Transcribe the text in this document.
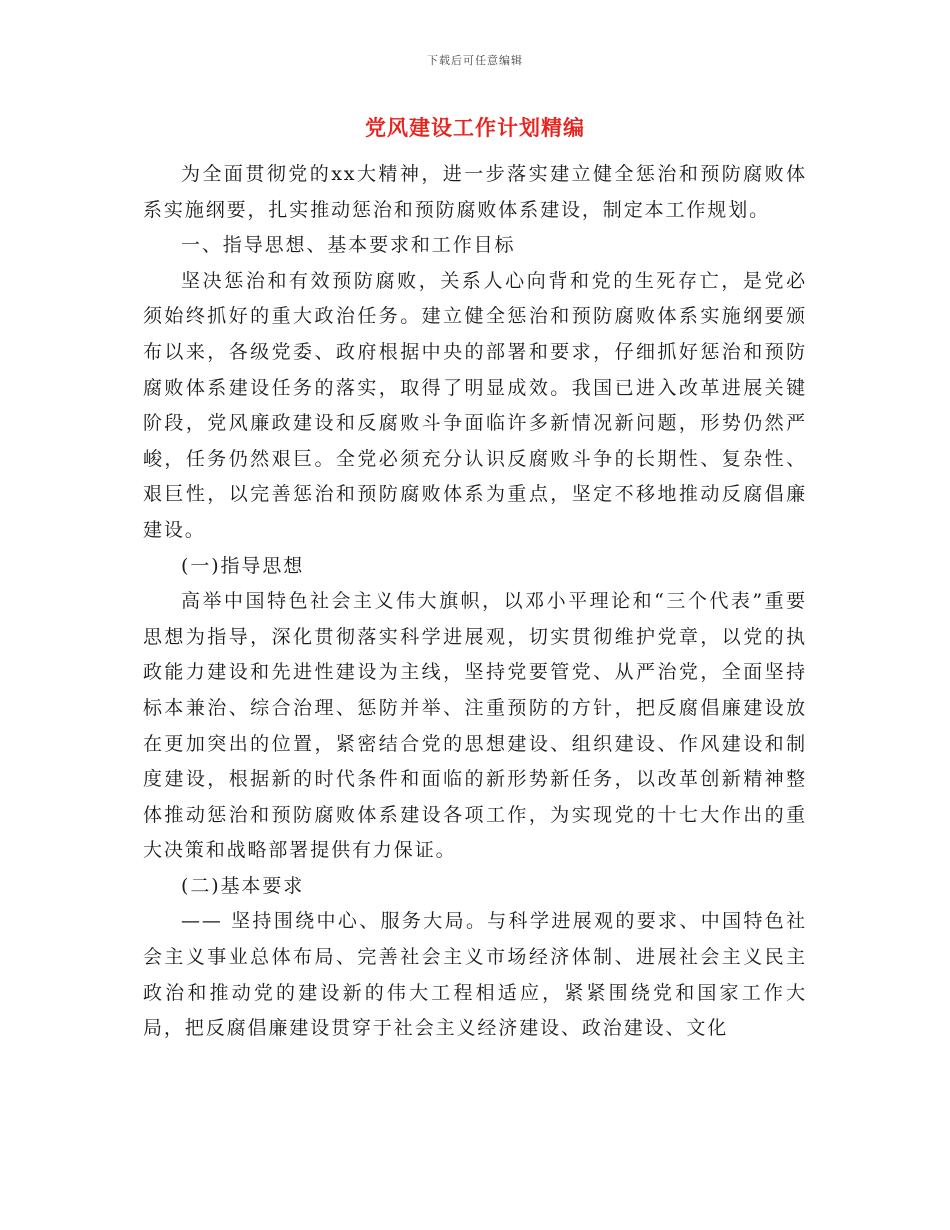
下载后可任意编辑
党风建设工作计划精编

为全面贯彻党的xx大精神，进一步落实建立健全惩治和预防腐败体系实施纲要，扎实推动惩治和预防腐败体系建设，制定本工作规划。

一、指导思想、基本要求和工作目标

坚决惩治和有效预防腐败，关系人心向背和党的生死存亡，是党必须始终抓好的重大政治任务。建立健全惩治和预防腐败体系实施纲要颁布以来，各级党委、政府根据中央的部署和要求，仔细抓好惩治和预防腐败体系建设任务的落实，取得了明显成效。我国已进入改革进展关键阶段，党风廉政建设和反腐败斗争面临许多新情况新问题，形势仍然严峻，任务仍然艰巨。全党必须充分认识反腐败斗争的长期性、复杂性、艰巨性，以完善惩治和预防腐败体系为重点，坚定不移地推动反腐倡廉建设。

(一)指导思想

高举中国特色社会主义伟大旗帜，以邓小平理论和“三个代表”重要思想为指导，深化贯彻落实科学进展观，切实贯彻维护党章，以党的执政能力建设和先进性建设为主线，坚持党要管党、从严治党，全面坚持标本兼治、综合治理、惩防并举、注重预防的方针，把反腐倡廉建设放在更加突出的位置，紧密结合党的思想建设、组织建设、作风建设和制度建设，根据新的时代条件和面临的新形势新任务，以改革创新精神整体推动惩治和预防腐败体系建设各项工作，为实现党的十七大作出的重大决策和战略部署提供有力保证。

(二)基本要求

—— 坚持围绕中心、服务大局。与科学进展观的要求、中国特色社会主义事业总体布局、完善社会主义市场经济体制、进展社会主义民主政治和推动党的建设新的伟大工程相适应，紧紧围绕党和国家工作大局，把反腐倡廉建设贯穿于社会主义经济建设、政治建设、文化
